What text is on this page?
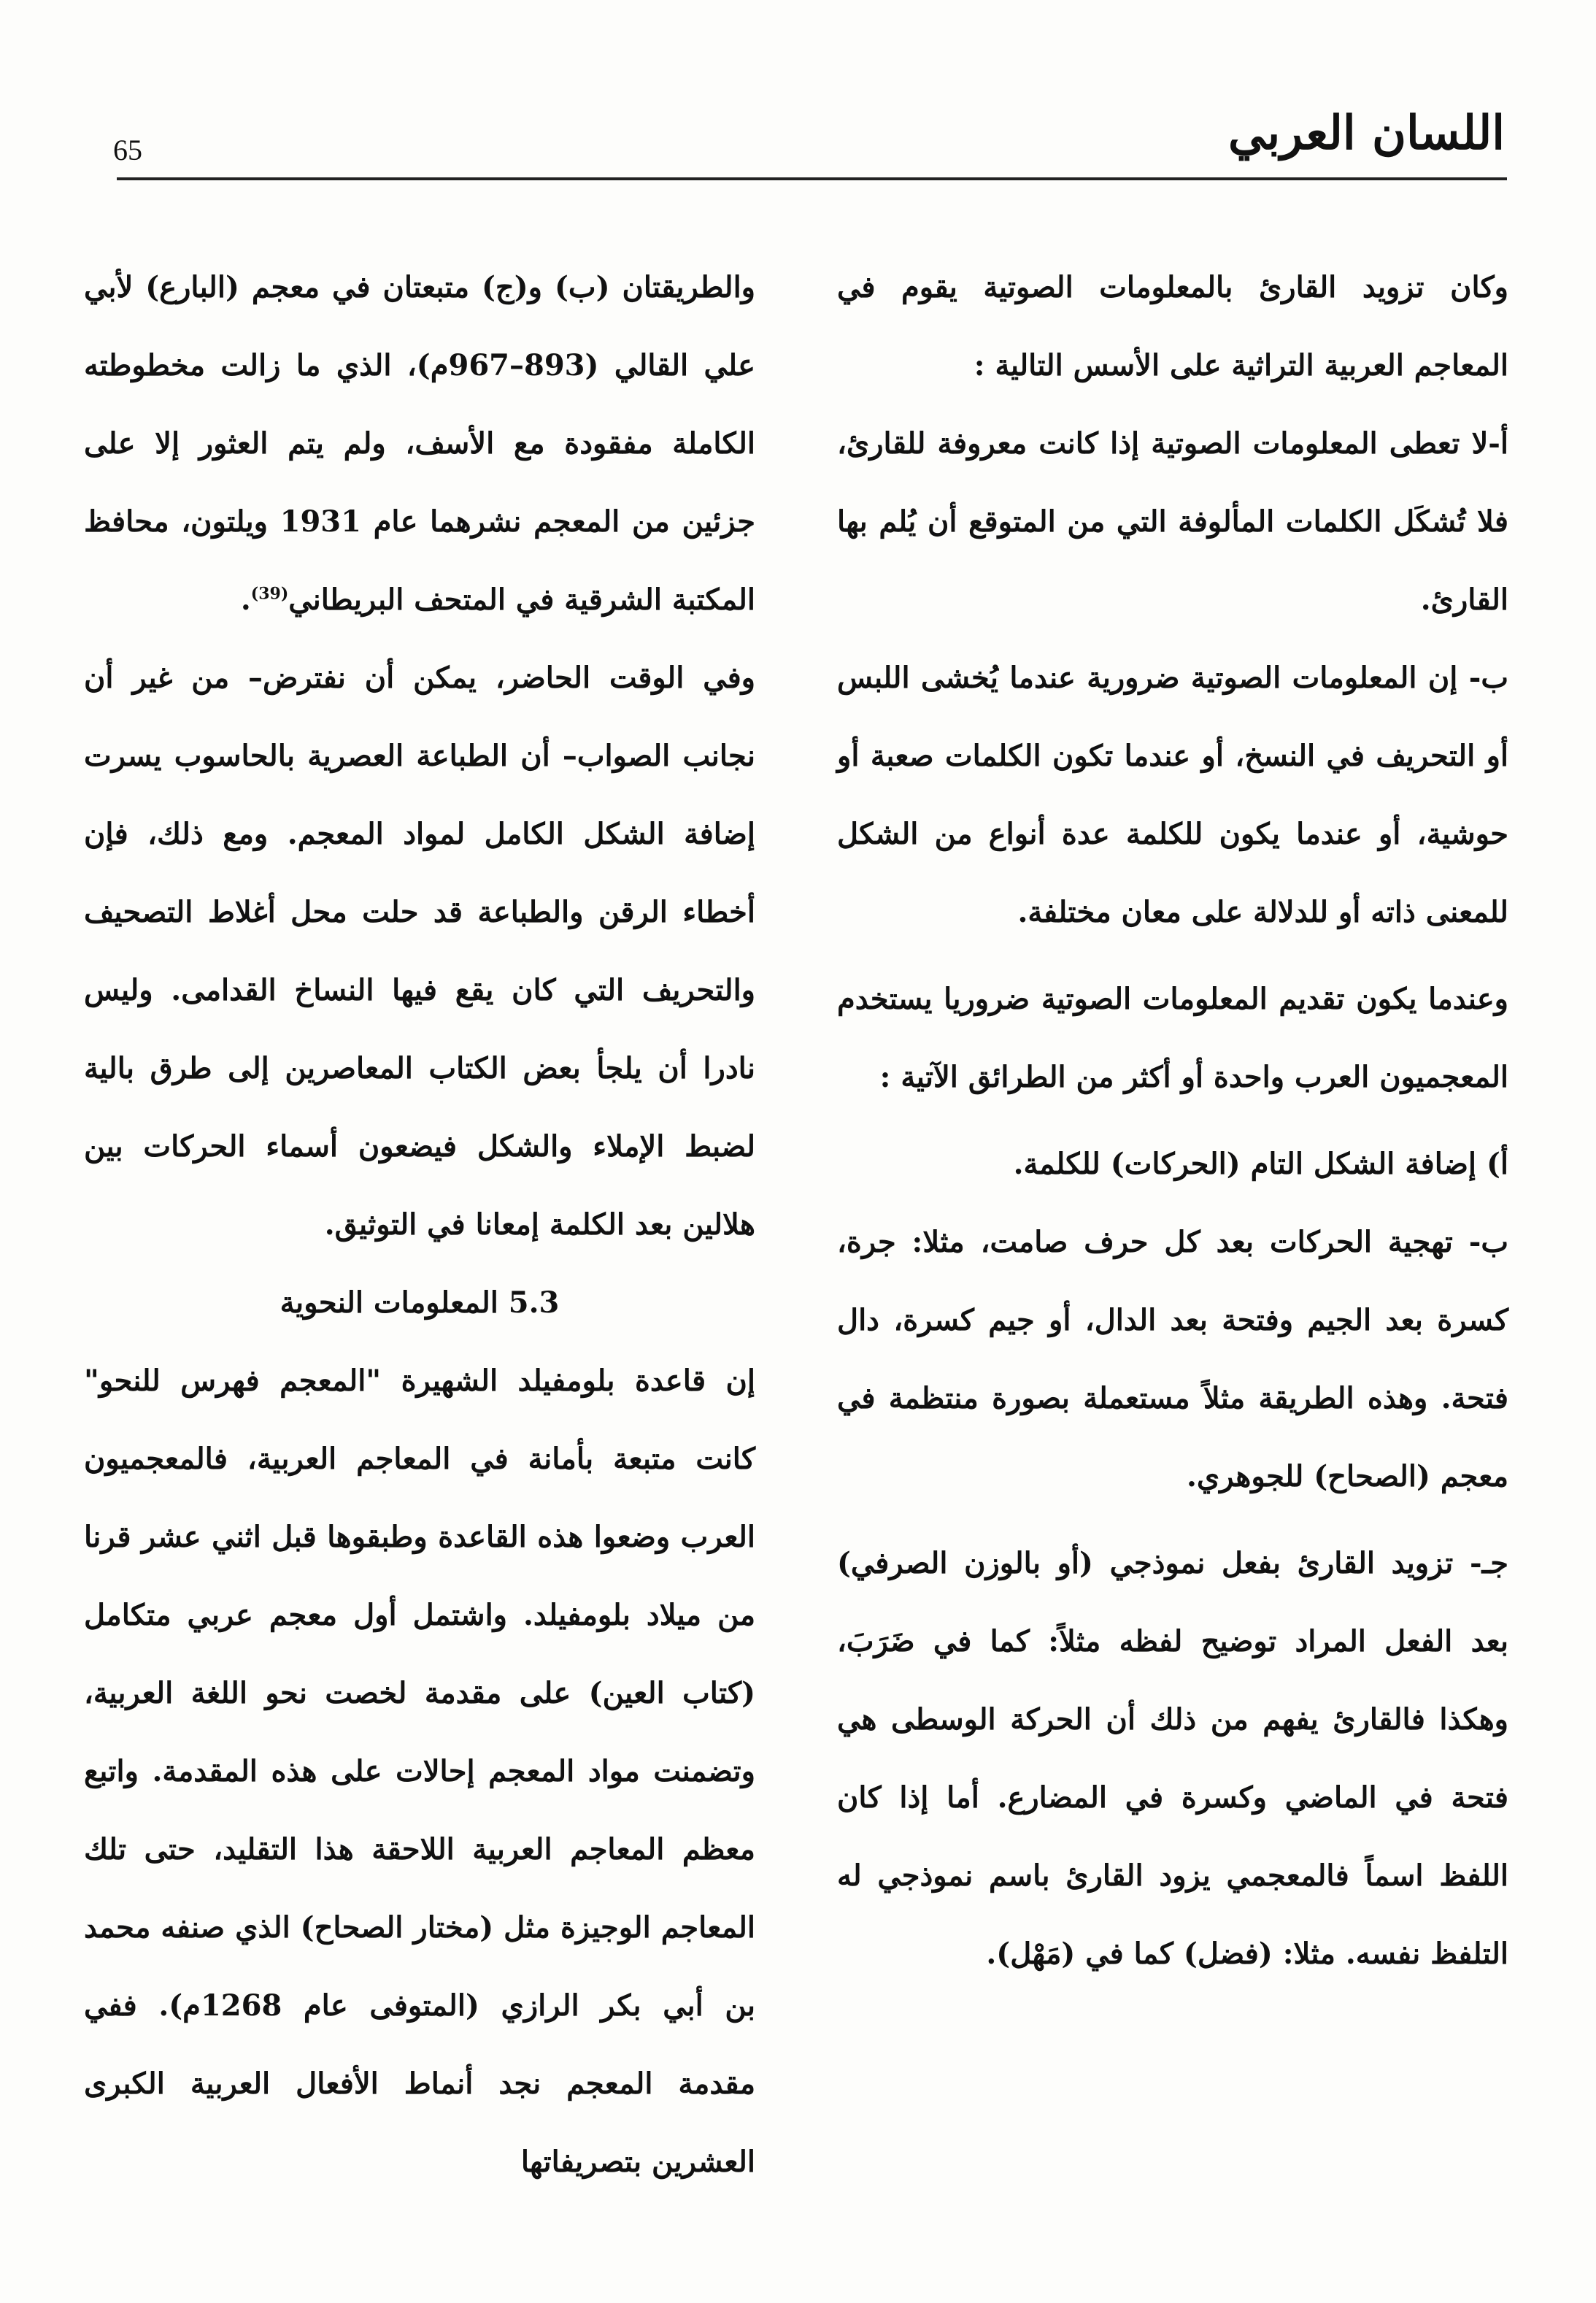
اللسان العربي
65

وكان تزويد القارئ بالمعلومات الصوتية يقوم في المعاجم العربية التراثية على الأسس التالية :

أ-لا تعطى المعلومات الصوتية إذا كانت معروفة للقارئ، فلا تُشكَل الكلمات المألوفة التي من المتوقع أن يُلم بها القارئ.

ب- إن المعلومات الصوتية ضرورية عندما يُخشى اللبس أو التحريف في النسخ، أو عندما تكون الكلمات صعبة أو حوشية، أو عندما يكون للكلمة عدة أنواع من الشكل للمعنى ذاته أو للدلالة على معان مختلفة.

وعندما يكون تقديم المعلومات الصوتية ضروريا يستخدم المعجميون العرب واحدة أو أكثر من الطرائق الآتية :

أ) إضافة الشكل التام (الحركات) للكلمة.

ب- تهجية الحركات بعد كل حرف صامت، مثلا: جرة، كسرة بعد الجيم وفتحة بعد الدال، أو جيم كسرة، دال فتحة. وهذه الطريقة مثلاً مستعملة بصورة منتظمة في معجم (الصحاح) للجوهري.

جـ- تزويد القارئ بفعل نموذجي (أو بالوزن الصرفي) بعد الفعل المراد توضيح لفظه مثلاً: كما في ضَرَبَ، وهكذا فالقارئ يفهم من ذلك أن الحركة الوسطى هي فتحة في الماضي وكسرة في المضارع. أما إذا كان اللفظ اسماً فالمعجمي يزود القارئ باسم نموذجي له التلفظ نفسه. مثلا: (فضل) كما في (مَهْل).

والطريقتان (ب) و(ج) متبعتان في معجم (البارع) لأبي علي القالي (893–967م)، الذي ما زالت مخطوطته الكاملة مفقودة مع الأسف، ولم يتم العثور إلا على جزئين من المعجم نشرهما عام 1931 ويلتون، محافظ المكتبة الشرقية في المتحف البريطاني$^{(39)}$.

وفي الوقت الحاضر، يمكن أن نفترض– من غير أن نجانب الصواب– أن الطباعة العصرية بالحاسوب يسرت إضافة الشكل الكامل لمواد المعجم. ومع ذلك، فإن أخطاء الرقن والطباعة قد حلت محل أغلاط التصحيف والتحريف التي كان يقع فيها النساخ القدامى. وليس نادرا أن يلجأ بعض الكتاب المعاصرين إلى طرق بالية لضبط الإملاء والشكل فيضعون أسماء الحركات بين هلالين بعد الكلمة إمعانا في التوثيق.

5.3 المعلومات النحوية

إن قاعدة بلومفيلد الشهيرة "المعجم فهرس للنحو" كانت متبعة بأمانة في المعاجم العربية، فالمعجميون العرب وضعوا هذه القاعدة وطبقوها قبل اثني عشر قرنا من ميلاد بلومفيلد. واشتمل أول معجم عربي متكامل (كتاب العين) على مقدمة لخصت نحو اللغة العربية، وتضمنت مواد المعجم إحالات على هذه المقدمة. واتبع معظم المعاجم العربية اللاحقة هذا التقليد، حتى تلك المعاجم الوجيزة مثل (مختار الصحاح) الذي صنفه محمد بن أبي بكر الرازي (المتوفى عام 1268م). ففي مقدمة المعجم نجد أنماط الأفعال العربية الكبرى العشرين بتصريفاتها
